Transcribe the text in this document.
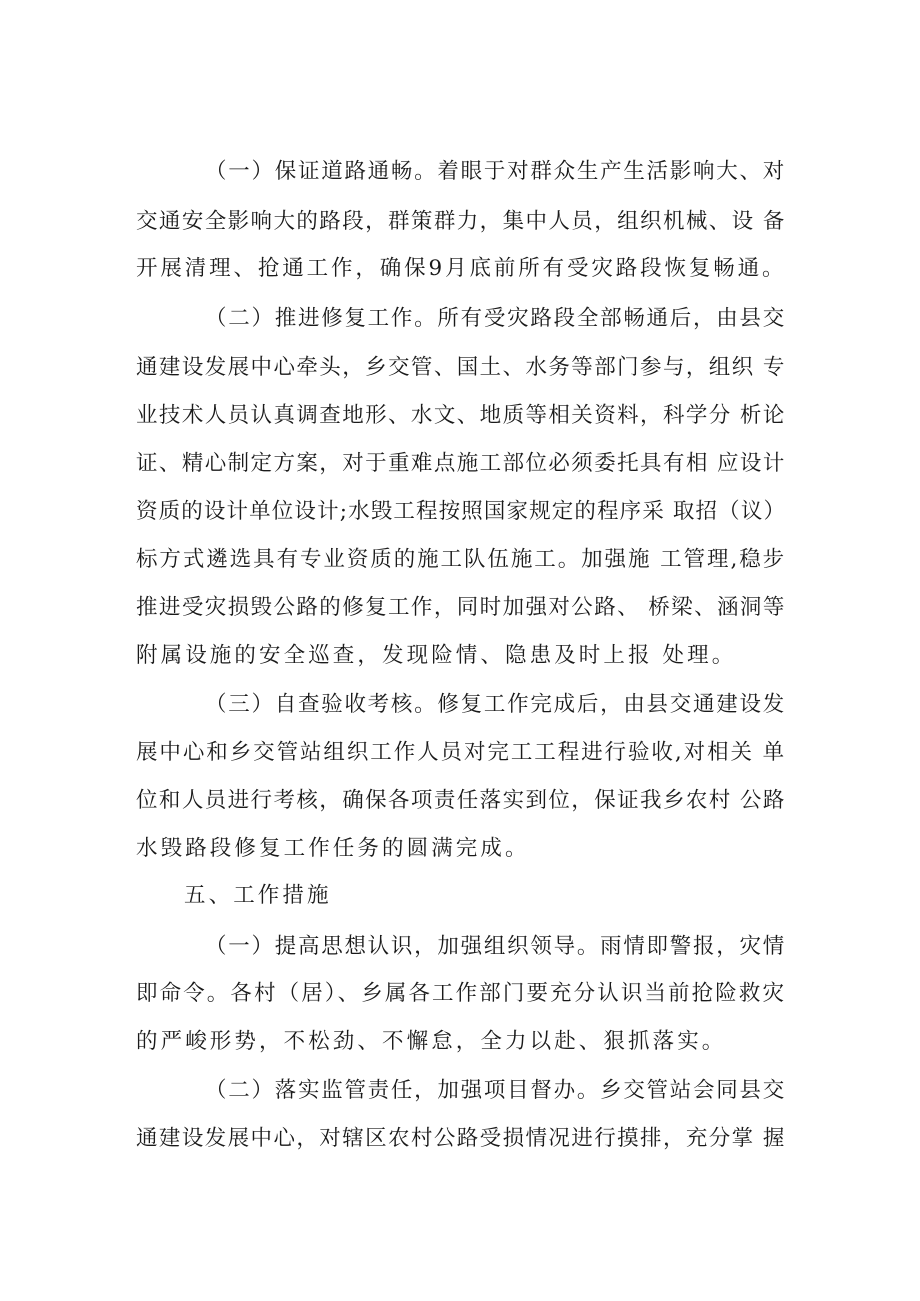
（一）保证道路通畅。着眼于对群众生产生活影响大、对

交通安全影响大的路段，群策群力，集中人员，组织机械、设 备

开展清理、抢通工作，确保9月底前所有受灾路段恢复畅通。

（二）推进修复工作。所有受灾路段全部畅通后，由县交

通建设发展中心牵头，乡交管、国土、水务等部门参与，组织 专

业技术人员认真调查地形、水文、地质等相关资料，科学分 析论

证、精心制定方案，对于重难点施工部位必须委托具有相 应设计

资质的设计单位设计;水毁工程按照国家规定的程序采 取招（议）

标方式遴选具有专业资质的施工队伍施工。加强施 工管理,稳步

推进受灾损毁公路的修复工作，同时加强对公路、 桥梁、涵洞等

附属设施的安全巡查，发现险情、隐患及时上报 处理。

（三）自查验收考核。修复工作完成后，由县交通建设发

展中心和乡交管站组织工作人员对完工工程进行验收,对相关 单

位和人员进行考核，确保各项责任落实到位，保证我乡农村 公路

水毁路段修复工作任务的圆满完成。

五、工作措施

（一）提高思想认识，加强组织领导。雨情即警报，灾情

即命令。各村（居）、乡属各工作部门要充分认识当前抢险救灾

的严峻形势，不松劲、不懈怠，全力以赴、狠抓落实。

（二）落实监管责任，加强项目督办。乡交管站会同县交

通建设发展中心，对辖区农村公路受损情况进行摸排，充分掌 握
